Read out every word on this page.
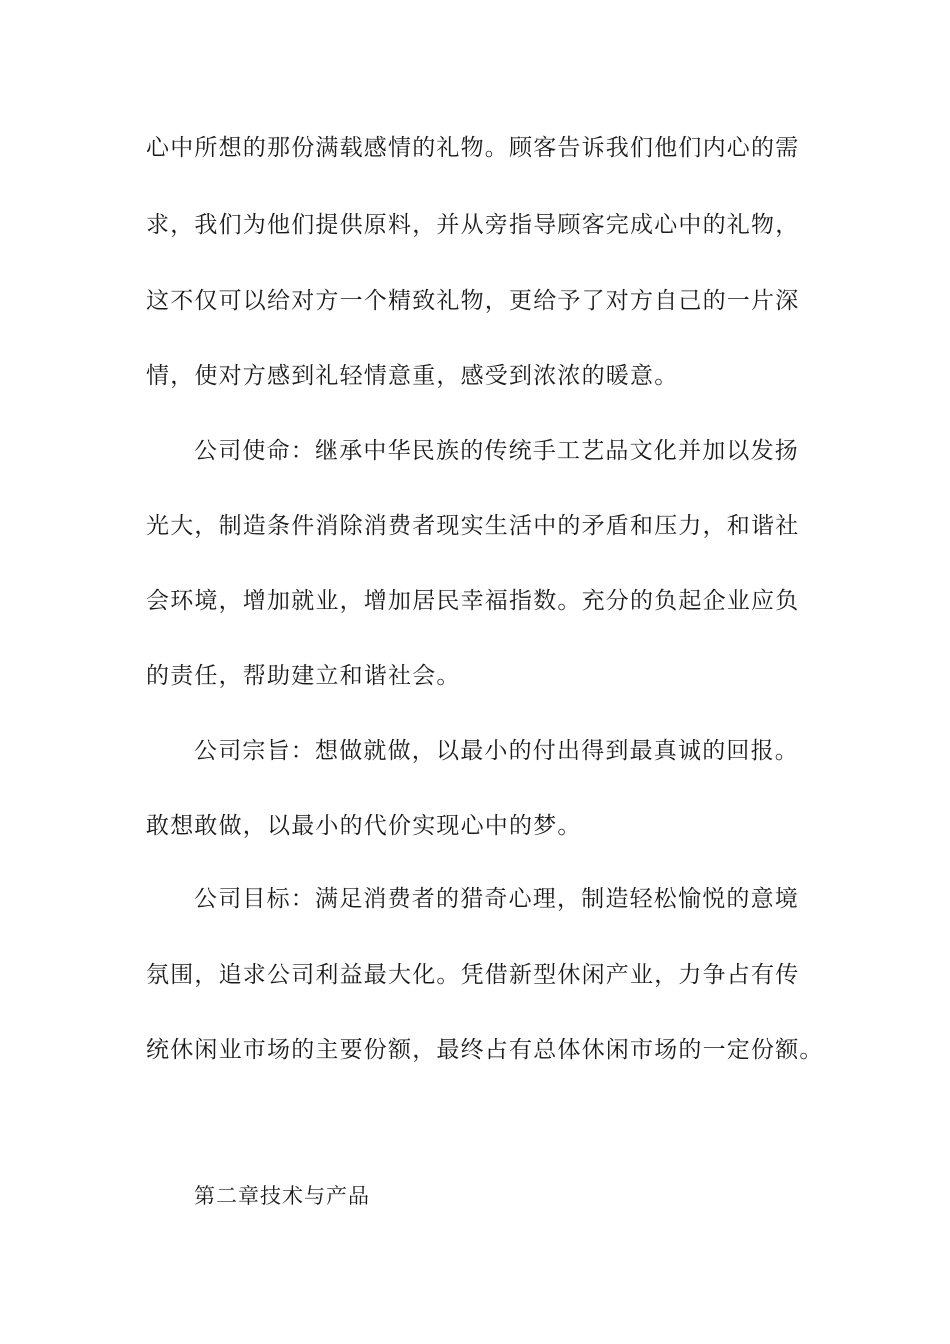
心中所想的那份满载感情的礼物。顾客告诉我们他们内心的需
求，我们为他们提供原料，并从旁指导顾客完成心中的礼物，
这不仅可以给对方一个精致礼物，更给予了对方自己的一片深
情，使对方感到礼轻情意重，感受到浓浓的暖意。
公司使命：继承中华民族的传统手工艺品文化并加以发扬
光大，制造条件消除消费者现实生活中的矛盾和压力，和谐社
会环境，增加就业，增加居民幸福指数。充分的负起企业应负
的责任，帮助建立和谐社会。
公司宗旨：想做就做，以最小的付出得到最真诚的回报。
敢想敢做，以最小的代价实现心中的梦。
公司目标：满足消费者的猎奇心理，制造轻松愉悦的意境
氛围，追求公司利益最大化。凭借新型休闲产业，力争占有传
统休闲业市场的主要份额，最终占有总体休闲市场的一定份额。
第二章技术与产品
